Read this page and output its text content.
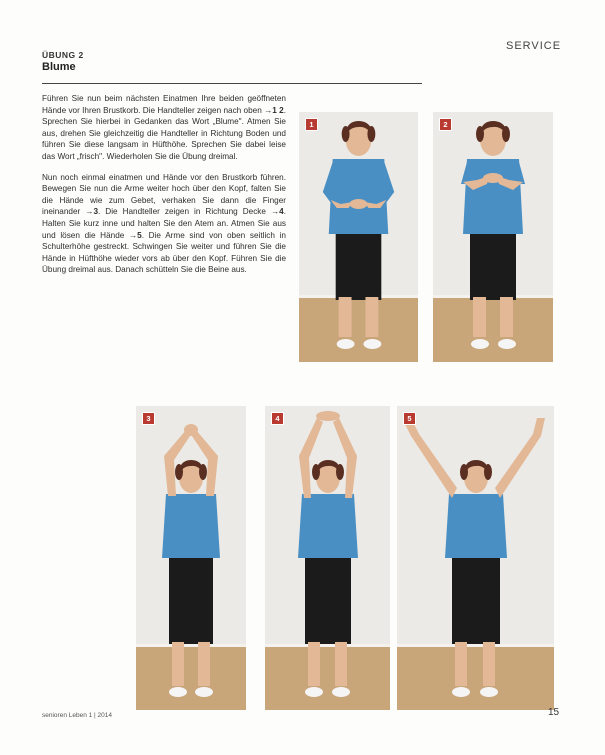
SERVICE
ÜBUNG 2
Blume

Führen Sie nun beim nächsten Einatmen Ihre beiden geöffneten Hände vor Ihren Brustkorb. Die Handteller zeigen nach oben →1 2. Sprechen Sie hierbei in Gedanken das Wort „Blume". Atmen Sie aus, drehen Sie gleichzeitig die Handteller in Richtung Boden und führen Sie diese langsam in Hüfthöhe. Sprechen Sie dabei leise das Wort „frisch". Wiederholen Sie die Übung dreimal.

Nun noch einmal einatmen und Hände vor den Brustkorb führen. Bewegen Sie nun die Arme weiter hoch über den Kopf, falten Sie die Hände wie zum Gebet, verhaken Sie dann die Finger ineinander →3. Die Handteller zeigen in Richtung Decke →4. Halten Sie kurz inne und halten Sie den Atem an. Atmen Sie aus und lösen die Hände →5. Die Arme sind von oben seitlich in Schulterhöhe gestreckt. Schwingen Sie weiter und führen Sie die Hände in Hüfthöhe wieder vors ab über den Kopf. Führen Sie die Übung dreimal aus. Danach schütteln Sie die Beine aus.

1	2
3	4	5
senioren Leben 1 | 2014	15
